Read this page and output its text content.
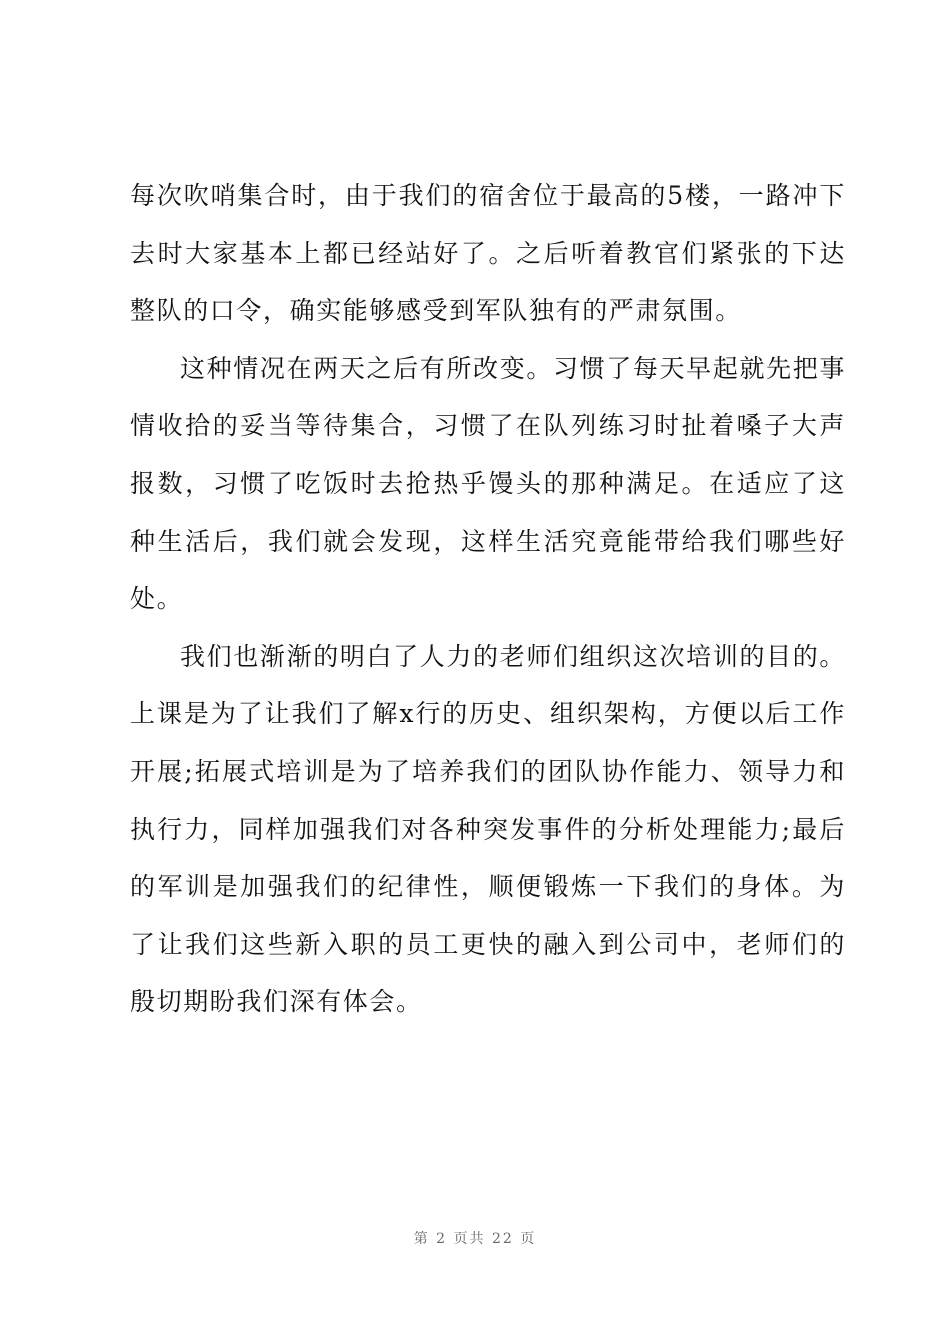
每次吹哨集合时，由于我们的宿舍位于最高的5楼，一路冲下去时大家基本上都已经站好了。之后听着教官们紧张的下达整队的口令，确实能够感受到军队独有的严肃氛围。

这种情况在两天之后有所改变。习惯了每天早起就先把事情收拾的妥当等待集合，习惯了在队列练习时扯着嗓子大声报数，习惯了吃饭时去抢热乎馒头的那种满足。在适应了这种生活后，我们就会发现，这样生活究竟能带给我们哪些好处。

我们也渐渐的明白了人力的老师们组织这次培训的目的。上课是为了让我们了解x行的历史、组织架构，方便以后工作开展;拓展式培训是为了培养我们的团队协作能力、领导力和执行力，同样加强我们对各种突发事件的分析处理能力;最后的军训是加强我们的纪律性，顺便锻炼一下我们的身体。为了让我们这些新入职的员工更快的融入到公司中，老师们的殷切期盼我们深有体会。

第 2 页共 22 页
